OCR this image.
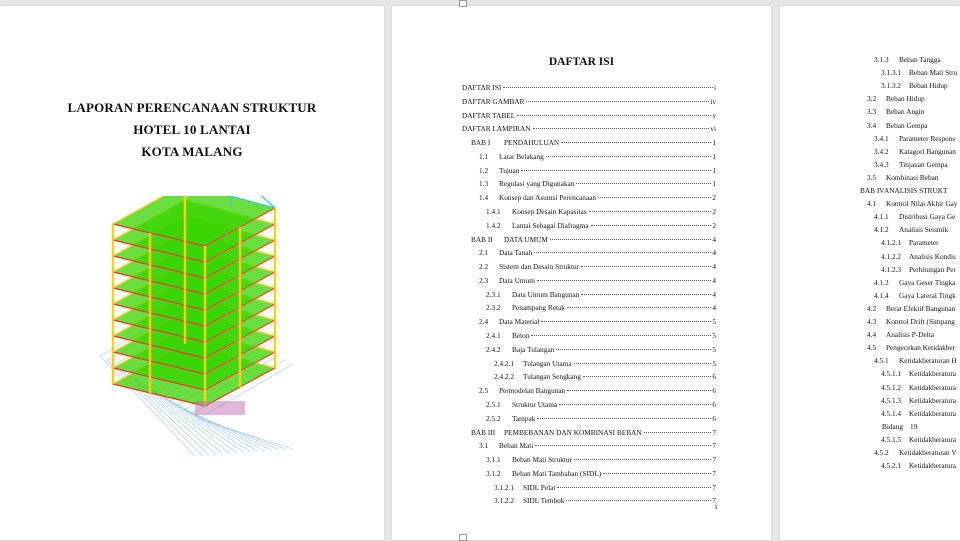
LAPORAN PERENCANAAN STRUKTUR
HOTEL 10 LANTAI
KOTA MALANG
DAFTAR ISI
DAFTAR ISI	i
DAFTAR GAMBAR	iv
DAFTAR TABEL	v
DAFTAR LAMPIRAN	vi
BAB I	PENDAHULUAN	1
1.1	Latar Belakang	1
1.2	Tujuan	1
1.3	Regulasi yang Digunakan	1
1.4	Konsep dan Asumsi Perencanaan	2
1.4.1	Konsep Desain Kapasitas	2
1.4.2	Lantai Sebagai Diafragma	2
BAB II	DATA UMUM	4
2.1	Data Tanah	4
2.2	Sistem dan Desain Struktur	4
2.3	Data Umum	4
2.3.1	Data Umum Bangunan	4
2.3.2	Penampang Retak	4
2.4	Data Material	5
2.4.1	Beton	5
2.4.2	Baja Tulangan	5
2.4.2.1	Tulangan Utama	5
2.4.2.2	Tulangan Sengkang	6
2.5	Permodelan Bangunan	6
2.5.1	Struktur Utama	6
2.5.2	Tampak	6
BAB III	PEMBEBANAN DAN KOMBINASI BEBAN	7
3.1	Beban Mati	7
3.1.1	Beban Mati Struktur	7
3.1.2	Beban Mati Tambahan (SIDL)	7
3.1.2.1	SIDL Pelat	7
3.1.2.2	SIDL Tembok	7
i
3.1.3 Beban Tangga
3.1.3.1 Beban Mati Stru
3.1.3.2 Beban Hidup
3.2 Beban Hidup
3.3 Beban Angin
3.4 Beban Gempa
3.4.1 Parameter Respons
3.4.2 Katagori Bangunan
3.4.3 Tinjauan Gempa
3.5 Kombinasi Beban
BAB IVANALISIS STRUKT
4.1 Kontrol Nilai Akhir Gay
4.1.1 Distribusi Gaya Ge
4.1.2 Analisis Seismik
4.1.2.1 Parameter
4.1.2.2 Analisis Kondis
4.1.2.3 Perhitungan Per
4.1.3 Gaya Geser Tingka
4.1.4 Gaya Lateral Tingk
4.2 Berat Efektif Bangunan
4.3 Kontrol Drift (Simpang
4.4 Analisis P-Delta
4.5 Pengecekan Ketidakber
4.5.1 Ketidakberaturan H
4.5.1.1 Ketidakberatura
4.5.1.2 Ketidakberatura
4.5.1.3 Ketidakberatura
4.5.1.4 Ketidakberatura
Bidang 19
4.5.1.5 Ketidakberatura
4.5.2 Ketidakberaturan V
4.5.2.1 Ketidakberatura
